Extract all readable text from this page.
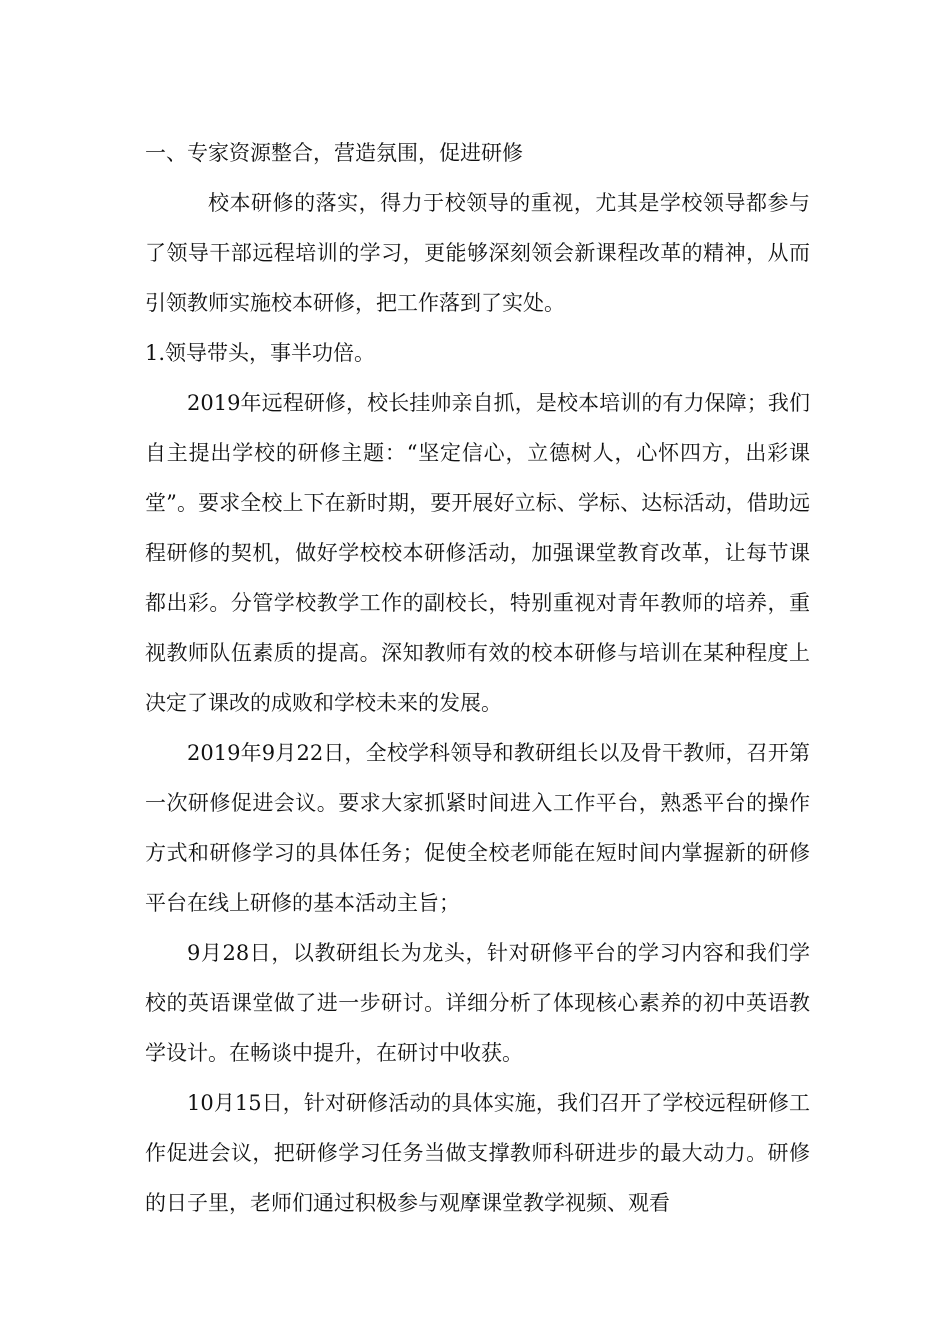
一、专家资源整合，营造氛围，促进研修

校本研修的落实，得力于校领导的重视，尤其是学校领导都参与了领导干部远程培训的学习，更能够深刻领会新课程改革的精神，从而引领教师实施校本研修，把工作落到了实处。

1.领导带头，事半功倍。

2019年远程研修，校长挂帅亲自抓，是校本培训的有力保障；我们自主提出学校的研修主题：“坚定信心，立德树人，心怀四方，出彩课堂”。要求全校上下在新时期，要开展好立标、学标、达标活动，借助远程研修的契机，做好学校校本研修活动，加强课堂教育改革，让每节课都出彩。分管学校教学工作的副校长，特别重视对青年教师的培养，重视教师队伍素质的提高。深知教师有效的校本研修与培训在某种程度上决定了课改的成败和学校未来的发展。

2019年9月22日，全校学科领导和教研组长以及骨干教师，召开第一次研修促进会议。要求大家抓紧时间进入工作平台，熟悉平台的操作方式和研修学习的具体任务；促使全校老师能在短时间内掌握新的研修平台在线上研修的基本活动主旨；

9月28日，以教研组长为龙头，针对研修平台的学习内容和我们学校的英语课堂做了进一步研讨。详细分析了体现核心素养的初中英语教学设计。在畅谈中提升，在研讨中收获。

10月15日，针对研修活动的具体实施，我们召开了学校远程研修工作促进会议，把研修学习任务当做支撑教师科研进步的最大动力。研修的日子里，老师们通过积极参与观摩课堂教学视频、观看
